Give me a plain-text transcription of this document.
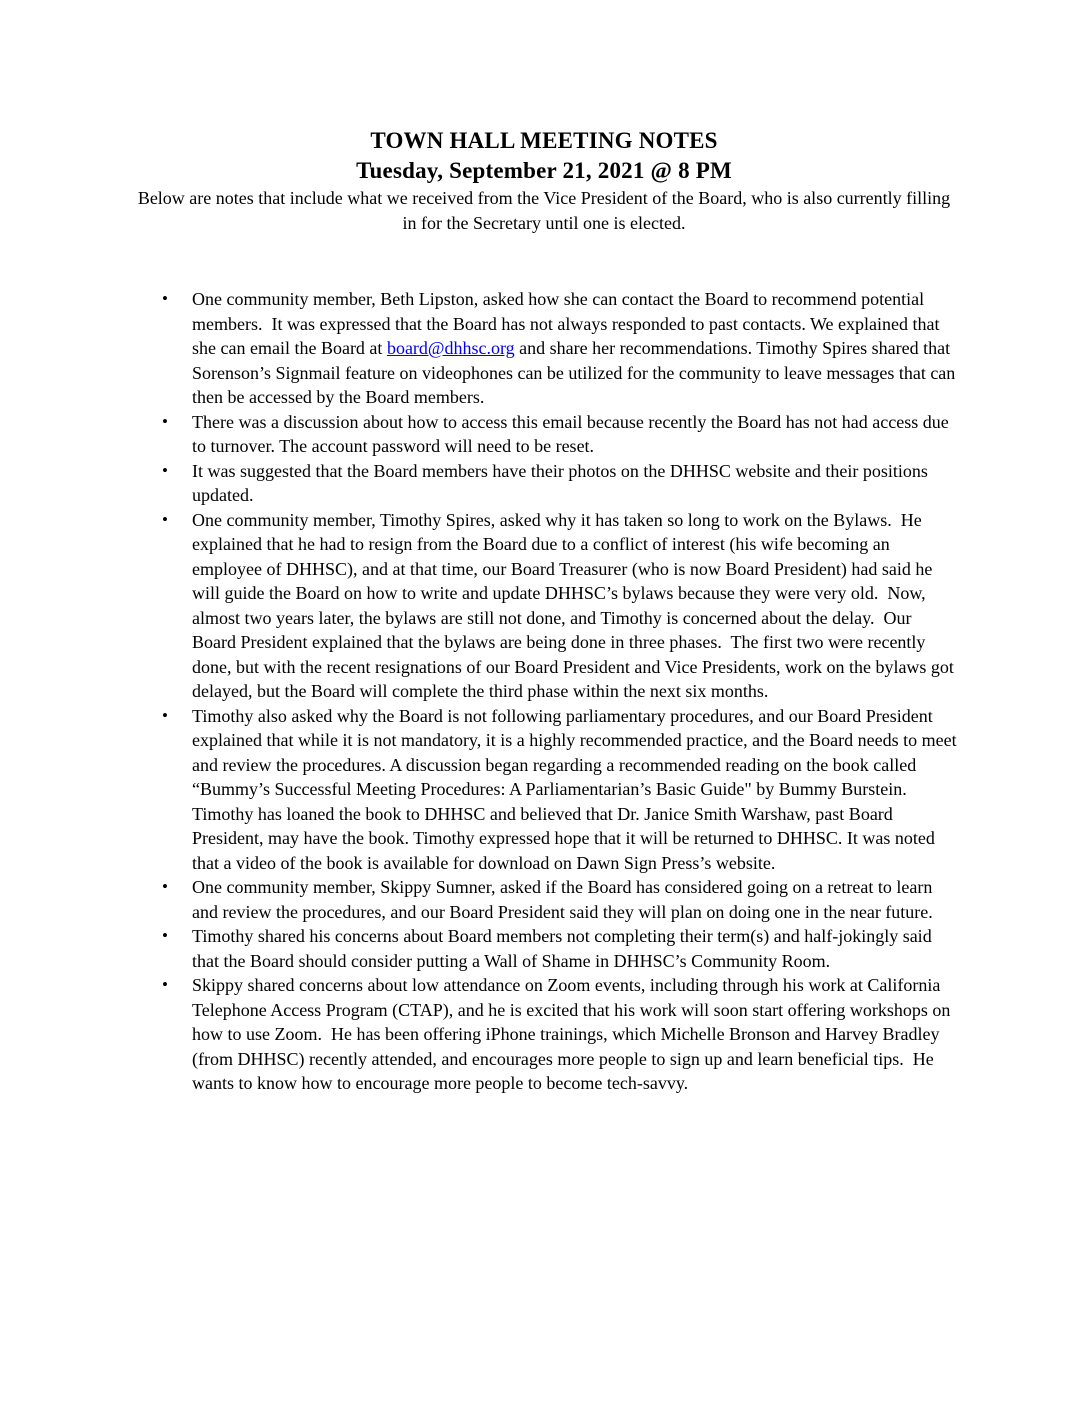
TOWN HALL MEETING NOTES
Tuesday, September 21, 2021 @ 8 PM

Below are notes that include what we received from the Vice President of the Board, who is also currently filling in for the Secretary until one is elected.

• One community member, Beth Lipston, asked how she can contact the Board to recommend potential members.  It was expressed that the Board has not always responded to past contacts. We explained that she can email the Board at board@dhhsc.org and share her recommendations. Timothy Spires shared that Sorenson’s Signmail feature on videophones can be utilized for the community to leave messages that can then be accessed by the Board members.
• There was a discussion about how to access this email because recently the Board has not had access due to turnover. The account password will need to be reset.
• It was suggested that the Board members have their photos on the DHHSC website and their positions updated.
• One community member, Timothy Spires, asked why it has taken so long to work on the Bylaws.  He explained that he had to resign from the Board due to a conflict of interest (his wife becoming an employee of DHHSC), and at that time, our Board Treasurer (who is now Board President) had said he will guide the Board on how to write and update DHHSC’s bylaws because they were very old.  Now, almost two years later, the bylaws are still not done, and Timothy is concerned about the delay.  Our Board President explained that the bylaws are being done in three phases.  The first two were recently done, but with the recent resignations of our Board President and Vice Presidents, work on the bylaws got delayed, but the Board will complete the third phase within the next six months.
• Timothy also asked why the Board is not following parliamentary procedures, and our Board President explained that while it is not mandatory, it is a highly recommended practice, and the Board needs to meet and review the procedures. A discussion began regarding a recommended reading on the book called “Bummy’s Successful Meeting Procedures: A Parliamentarian’s Basic Guide" by Bummy Burstein. Timothy has loaned the book to DHHSC and believed that Dr. Janice Smith Warshaw, past Board President, may have the book. Timothy expressed hope that it will be returned to DHHSC. It was noted that a video of the book is available for download on Dawn Sign Press’s website.
• One community member, Skippy Sumner, asked if the Board has considered going on a retreat to learn and review the procedures, and our Board President said they will plan on doing one in the near future.
• Timothy shared his concerns about Board members not completing their term(s) and half-jokingly said that the Board should consider putting a Wall of Shame in DHHSC’s Community Room.
• Skippy shared concerns about low attendance on Zoom events, including through his work at California Telephone Access Program (CTAP), and he is excited that his work will soon start offering workshops on how to use Zoom.  He has been offering iPhone trainings, which Michelle Bronson and Harvey Bradley (from DHHSC) recently attended, and encourages more people to sign up and learn beneficial tips.  He wants to know how to encourage more people to become tech-savvy.
